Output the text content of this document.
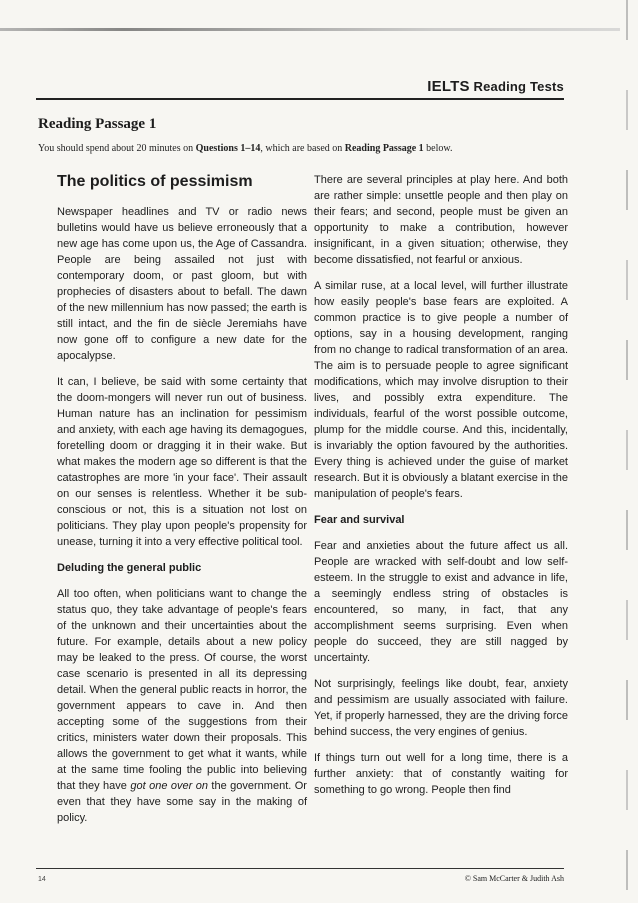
IELTS Reading Tests
Reading Passage 1
You should spend about 20 minutes on Questions 1–14, which are based on Reading Passage 1 below.
The politics of pessimism

Newspaper headlines and TV or radio news bulletins would have us believe erroneously that a new age has come upon us, the Age of Cassandra. People are being assailed not just with contemporary doom, or past gloom, but with prophecies of disasters about to befall. The dawn of the new millennium has now passed; the earth is still intact, and the fin de siècle Jeremiahs have now gone off to configure a new date for the apocalypse.

It can, I believe, be said with some certainty that the doom-mongers will never run out of business. Human nature has an inclination for pessimism and anxiety, with each age having its demagogues, foretelling doom or dragging it in their wake. But what makes the modern age so different is that the catastrophes are more 'in your face'. Their assault on our senses is relentless. Whether it be sub-conscious or not, this is a situation not lost on politicians. They play upon people's propensity for unease, turning it into a very effective political tool.

Deluding the general public

All too often, when politicians want to change the status quo, they take advantage of people's fears of the unknown and their uncertainties about the future. For example, details about a new policy may be leaked to the press. Of course, the worst case scenario is presented in all its depressing detail. When the general public reacts in horror, the government appears to cave in. And then accepting some of the suggestions from their critics, ministers water down their proposals. This allows the government to get what it wants, while at the same time fooling the public into believing that they have got one over on the government. Or even that they have some say in the making of policy.

There are several principles at play here. And both are rather simple: unsettle people and then play on their fears; and second, people must be given an opportunity to make a contribution, however insignificant, in a given situation; otherwise, they become dissatisfied, not fearful or anxious.

A similar ruse, at a local level, will further illustrate how easily people's base fears are exploited. A common practice is to give people a number of options, say in a housing development, ranging from no change to radical transformation of an area. The aim is to persuade people to agree significant modifications, which may involve disruption to their lives, and possibly extra expenditure. The individuals, fearful of the worst possible outcome, plump for the middle course. And this, incidentally, is invariably the option favoured by the authorities. Every thing is achieved under the guise of market research. But it is obviously a blatant exercise in the manipulation of people's fears.

Fear and survival

Fear and anxieties about the future affect us all. People are wracked with self-doubt and low self-esteem. In the struggle to exist and advance in life, a seemingly endless string of obstacles is encountered, so many, in fact, that any accomplishment seems surprising. Even when people do succeed, they are still nagged by uncertainty.

Not surprisingly, feelings like doubt, fear, anxiety and pessimism are usually associated with failure. Yet, if properly harnessed, they are the driving force behind success, the very engines of genius.

If things turn out well for a long time, there is a further anxiety: that of constantly waiting for something to go wrong. People then find

14	© Sam McCarter & Judith Ash
